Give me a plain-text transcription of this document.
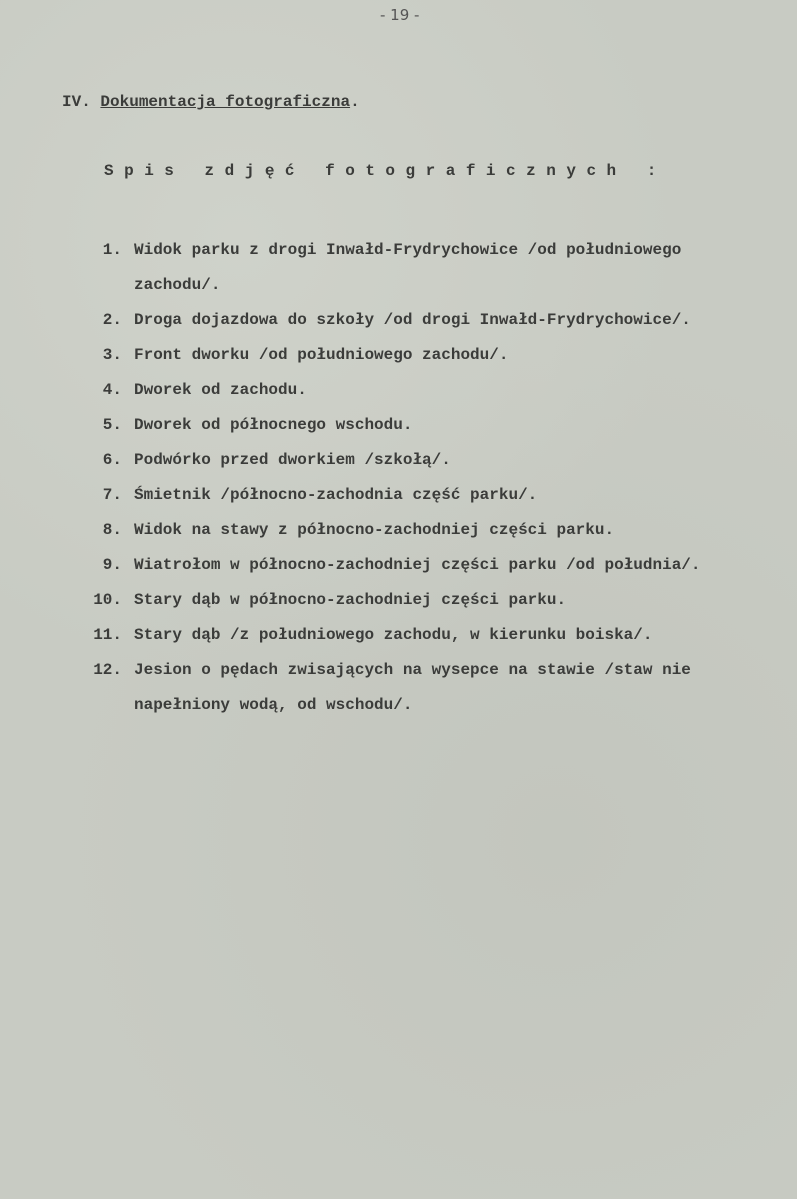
- 19 -
IV. Dokumentacja fotograficzna.
Spis zdjęć fotograficznych :
1. Widok parku z drogi Inwałd-Frydrychowice /od południowego zachodu/.
2. Droga dojazdowa do szkoły /od drogi Inwałd-Frydrychowice/.
3. Front dworku /od południowego zachodu/.
4. Dworek od zachodu.
5. Dworek od północnego wschodu.
6. Podwórko przed dworkiem /szkołą/.
7. Śmietnik /północno-zachodnia część parku/.
8. Widok na stawy z północno-zachodniej części parku.
9. Wiatrołom w północno-zachodniej części parku /od południa/.
10. Stary dąb w północno-zachodniej części parku.
11. Stary dąb /z południowego zachodu, w kierunku boiska/.
12. Jesion o pędach zwisających na wysepce na stawie /staw nie napełniony wodą, od wschodu/.
